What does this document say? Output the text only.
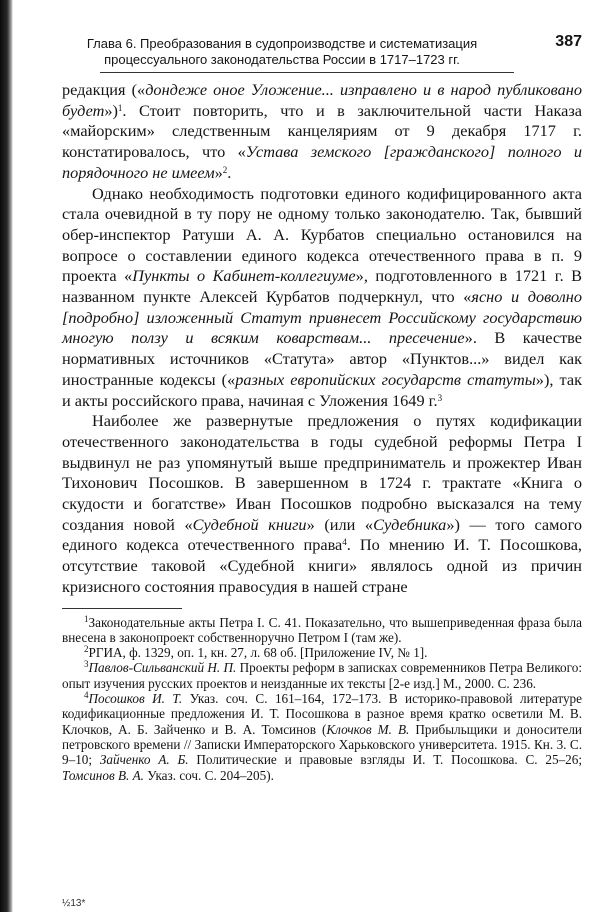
Глава 6. Преобразования в судопроизводстве и систематизация
процессуального законодательства России в 1717–1723 гг.
387

редакция («дондеже оное Уложение... изправлено и в народ публиковано будет»)$^1$. Стоит повторить, что и в заключительной части Наказа «майорским» следственным канцеляриям от 9 декабря 1717 г. констатировалось, что «Устава земского [гражданского] полного и порядочного не имеем»$^2$.

Однако необходимость подготовки единого кодифицированного акта стала очевидной в ту пору не одному только законодателю. Так, бывший обер-инспектор Ратуши А. А. Курбатов специально остановился на вопросе о составлении единого кодекса отечественного права в п. 9 проекта «Пункты о Кабинет-коллегиуме», подготовленного в 1721 г. В названном пункте Алексей Курбатов подчеркнул, что «ясно и доволно [подробно] изложенный Статут привнесет Российскому государствию многую ползу и всяким коварствам... пресечение». В качестве нормативных источников «Статута» автор «Пунктов...» видел как иностранные кодексы («разных европийских государств статуты»), так и акты российского права, начиная с Уложения 1649 г.$^3$

Наиболее же развернутые предложения о путях кодификации отечественного законодательства в годы судебной реформы Петра I выдвинул не раз упомянутый выше предприниматель и прожектер Иван Тихонович Посошков. В завершенном в 1724 г. трактате «Книга о скудости и богатстве» Иван Посошков подробно высказался на тему создания новой «Судебной книги» (или «Судебника») — того самого единого кодекса отечественного права$^4$. По мнению И. Т. Посошкова, отсутствие таковой «Судебной книги» являлось одной из причин кризисного состояния правосудия в нашей стране

$^1$Законодательные акты Петра I. С. 41. Показательно, что вышеприведенная фраза была внесена в законопроект собственноручно Петром I (там же).

$^2$РГИА, ф. 1329, оп. 1, кн. 27, л. 68 об. [Приложение IV, № 1].

$^3$Павлов-Сильванский Н. П. Проекты реформ в записках современников Петра Великого: опыт изучения русских проектов и неизданные их тексты [2-е изд.] М., 2000. С. 236.

$^4$Посошков И. Т. Указ. соч. С. 161–164, 172–173. В историко-правовой литературе кодификационные предложения И. Т. Посошкова в разное время кратко осветили М. В. Клочков, А. Б. Зайченко и В. А. Томсинов (Клочков М. В. Прибыльщики и доносители петровского времени // Записки Императорского Харьковского университета. 1915. Кн. 3. С. 9–10; Зайченко А. Б. Политические и правовые взгляды И. Т. Посошкова. С. 25–26; Томсинов В. А. Указ. соч. С. 204–205).

½13*
